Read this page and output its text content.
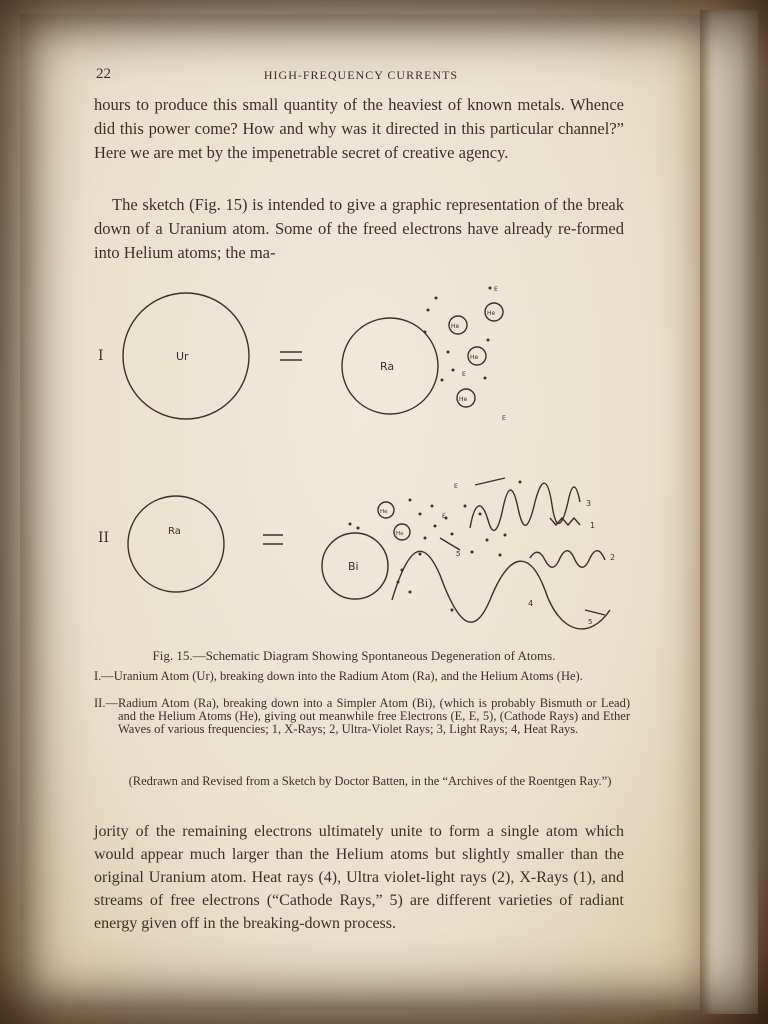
22	HIGH-FREQUENCY CURRENTS
hours to produce this small quantity of the heaviest of known metals. Whence did this power come? How and why was it directed in this particular channel?” Here we are met by the impenetrable secret of creative agency.
The sketch (Fig. 15) is intended to give a graphic representation of the break down of a Uranium atom. Some of the freed electrons have already re-formed into Helium atoms; the ma-
I
II
Ur
Ra
Ra
Bi
He
He
He
He
He
He
E
E
E
E
E
1
2
3
4
5
5
Fig. 15.—Schematic Diagram Showing Spontaneous Degeneration of Atoms.
I.—Uranium Atom (Ur), breaking down into the Radium Atom (Ra), and the Helium Atoms (He).
II.—Radium Atom (Ra), breaking down into a Simpler Atom (Bi), (which is probably Bismuth or Lead) and the Helium Atoms (He), giving out meanwhile free Electrons (E, E, 5), (Cathode Rays) and Ether Waves of various frequencies; 1, X-Rays; 2, Ultra-Violet Rays; 3, Light Rays; 4, Heat Rays.
(Redrawn and Revised from a Sketch by Doctor Batten, in the “Archives of the Roentgen Ray.”)
jority of the remaining electrons ultimately unite to form a single atom which would appear much larger than the Helium atoms but slightly smaller than the original Uranium atom. Heat rays (4), Ultra violet-light rays (2), X-Rays (1), and streams of free electrons (“Cathode Rays,” 5) are different varieties of radiant energy given off in the breaking-down process.
